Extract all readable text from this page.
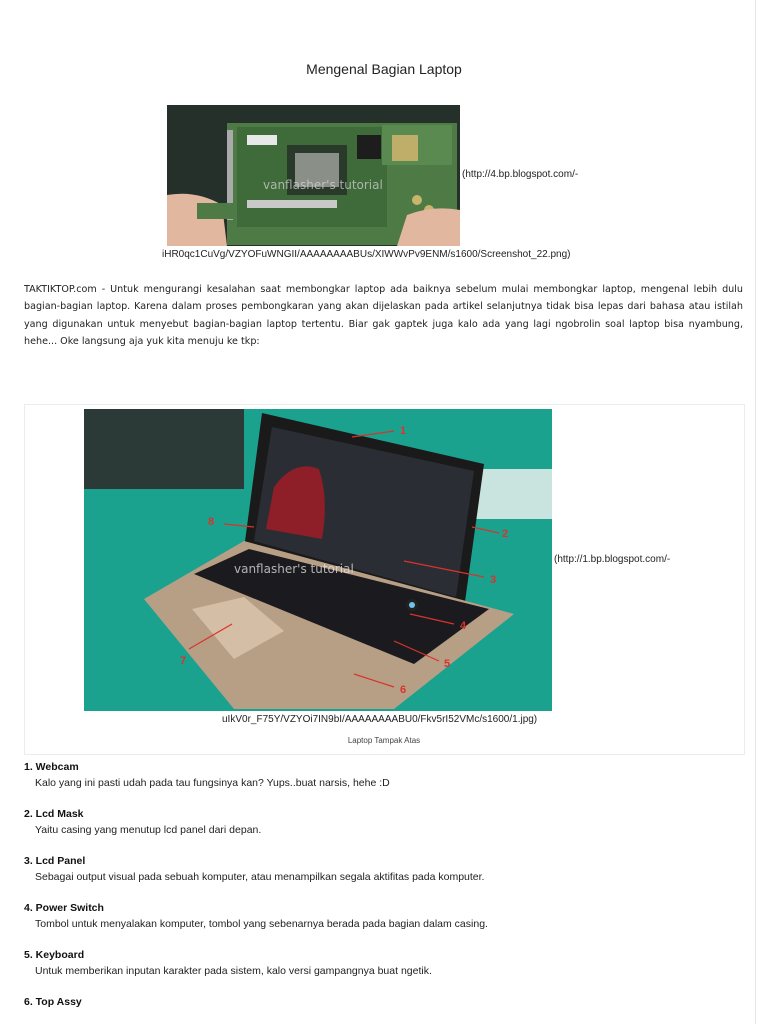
Mengenal Bagian Laptop
vanflasher's tutorial
(http://4.bp.blogspot.com/-
iHR0qc1CuVg/VZYOFuWNGII/AAAAAAAABUs/XIWWvPv9ENM/s1600/Screenshot_22.png)
TAKTIKTOP.com - Untuk mengurangi kesalahan saat membongkar laptop ada baiknya sebelum mulai membongkar laptop, mengenal lebih dulu bagian-bagian laptop. Karena dalam proses pembongkaran yang akan dijelaskan pada artikel selanjutnya tidak bisa lepas dari bahasa atau istilah yang digunakan untuk menyebut bagian-bagian laptop tertentu. Biar gak gaptek juga kalo ada yang lagi ngobrolin soal laptop bisa nyambung, hehe... Oke langsung aja yuk kita menuju ke tkp:
1
2
3
4
5
6
7
8
vanflasher's tutorial
(http://1.bp.blogspot.com/-
uIkV0r_F75Y/VZYOi7IN9bI/AAAAAAAABU0/Fkv5rI52VMc/s1600/1.jpg)
Laptop Tampak Atas
1. Webcam
Kalo yang ini pasti udah pada tau fungsinya kan? Yups..buat narsis, hehe :D
2. Lcd Mask
Yaitu casing yang menutup lcd panel dari depan.
3. Lcd Panel
Sebagai output visual pada sebuah komputer, atau menampilkan segala aktifitas pada komputer.
4. Power Switch
Tombol untuk menyalakan komputer, tombol yang sebenarnya berada pada bagian dalam casing.
5. Keyboard
Untuk memberikan inputan karakter pada sistem, kalo versi gampangnya buat ngetik.
6. Top Assy
